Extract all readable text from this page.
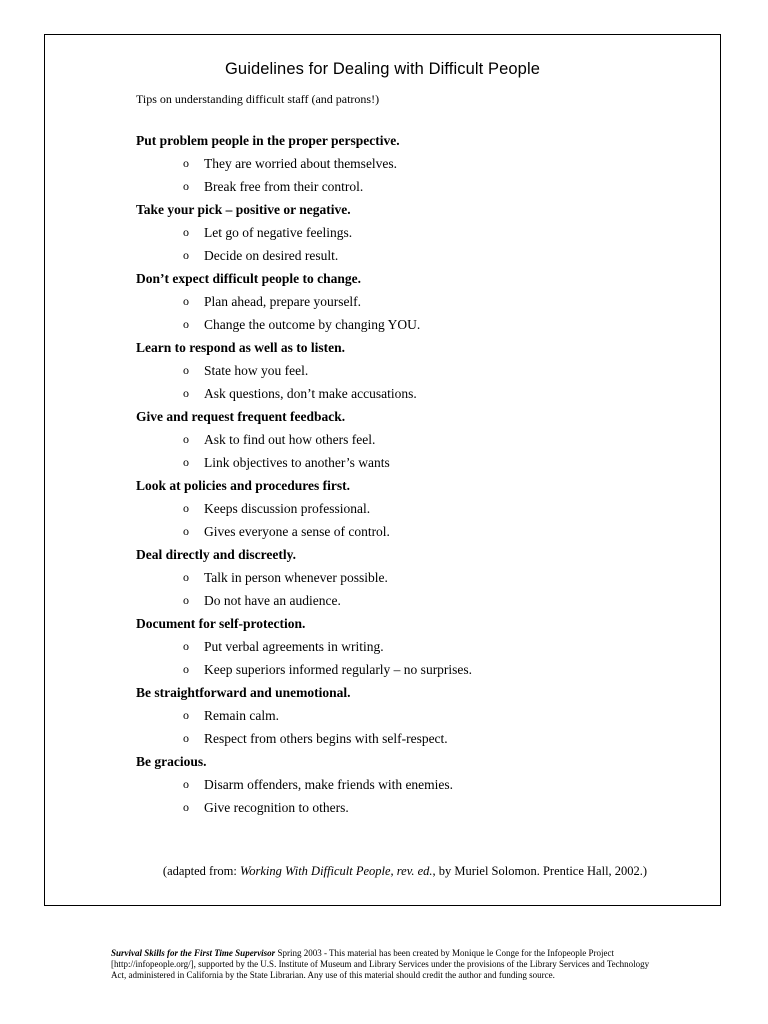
Guidelines for Dealing with Difficult People
Tips on understanding difficult staff (and patrons!)
Put problem people in the proper perspective.
o They are worried about themselves.
o Break free from their control.
Take your pick – positive or negative.
o Let go of negative feelings.
o Decide on desired result.
Don’t expect difficult people to change.
o Plan ahead, prepare yourself.
o Change the outcome by changing YOU.
Learn to respond as well as to listen.
o State how you feel.
o Ask questions, don’t make accusations.
Give and request frequent feedback.
o Ask to find out how others feel.
o Link objectives to another’s wants
Look at policies and procedures first.
o Keeps discussion professional.
o Gives everyone a sense of control.
Deal directly and discreetly.
o Talk in person whenever possible.
o Do not have an audience.
Document for self-protection.
o Put verbal agreements in writing.
o Keep superiors informed regularly – no surprises.
Be straightforward and unemotional.
o Remain calm.
o Respect from others begins with self-respect.
Be gracious.
o Disarm offenders, make friends with enemies.
o Give recognition to others.
(adapted from: Working With Difficult People, rev. ed., by Muriel Solomon. Prentice Hall, 2002.)
Survival Skills for the First Time Supervisor Spring 2003 - This material has been created by Monique le Conge for the Infopeople Project [http://infopeople.org/], supported by the U.S. Institute of Museum and Library Services under the provisions of the Library Services and Technology Act, administered in California by the State Librarian. Any use of this material should credit the author and funding source.
